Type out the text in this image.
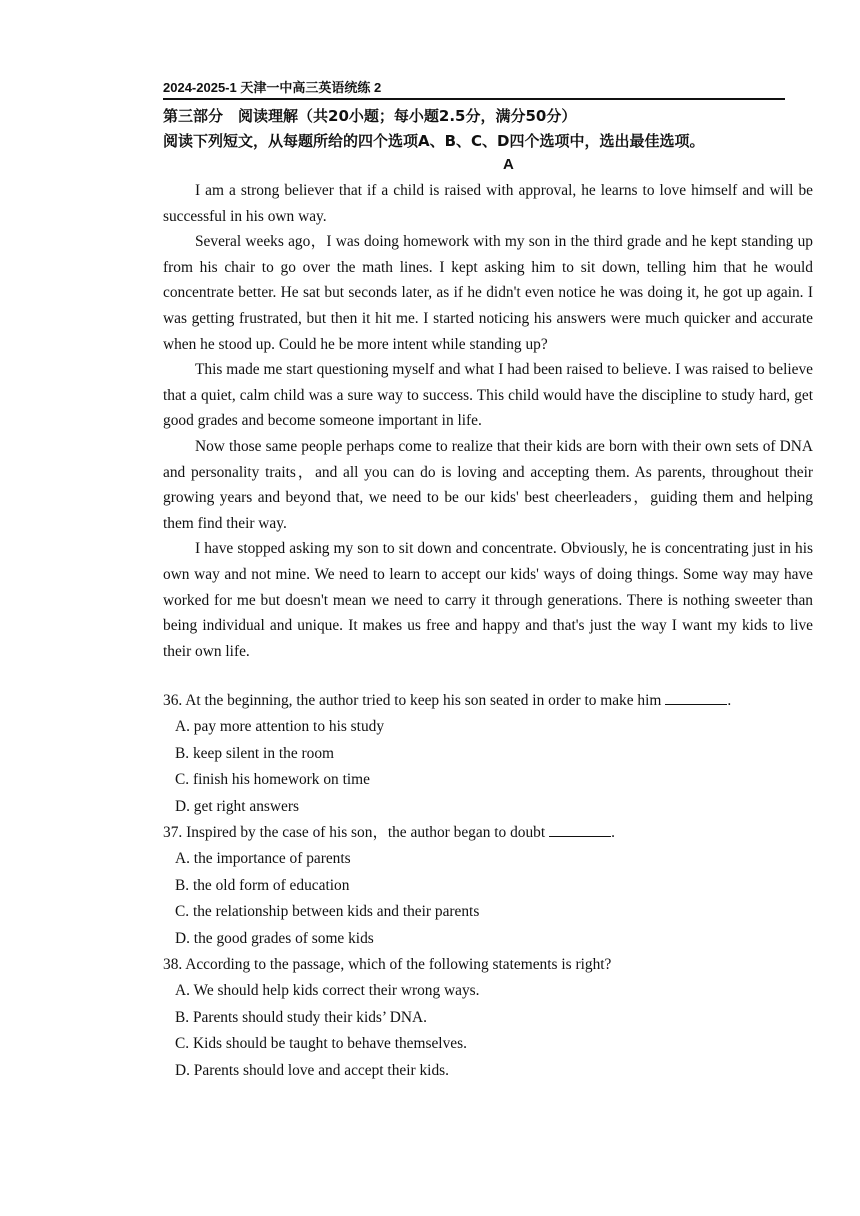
2024-2025-1 天津一中高三英语统练 2
第三部分　阅读理解（共20小题；每小题2.5分，满分50分）
阅读下列短文，从每题所给的四个选项A、B、C、D四个选项中，选出最佳选项。
A

I am a strong believer that if a child is raised with approval, he learns to love himself and will be successful in his own way.

Several weeks ago，I was doing homework with my son in the third grade and he kept standing up from his chair to go over the math lines. I kept asking him to sit down, telling him that he would concentrate better. He sat but seconds later, as if he didn't even notice he was doing it, he got up again. I was getting frustrated, but then it hit me. I started noticing his answers were much quicker and accurate when he stood up. Could he be more intent while standing up?

This made me start questioning myself and what I had been raised to believe. I was raised to believe that a quiet, calm child was a sure way to success. This child would have the discipline to study hard, get good grades and become someone important in life.

Now those same people perhaps come to realize that their kids are born with their own sets of DNA and personality traits，and all you can do is loving and accepting them. As parents, throughout their growing years and beyond that, we need to be our kids' best cheerleaders，guiding them and helping them find their way.

I have stopped asking my son to sit down and concentrate. Obviously, he is concentrating just in his own way and not mine. We need to learn to accept our kids' ways of doing things. Some way may have worked for me but doesn't mean we need to carry it through generations. There is nothing sweeter than being individual and unique. It makes us free and happy and that's just the way I want my kids to live their own life.

36. At the beginning, the author tried to keep his son seated in order to make him	.

A. pay more attention to his study

B. keep silent in the room

C. finish his homework on time

D. get right answers

37. Inspired by the case of his son，the author began to doubt	.

A. the importance of parents

B. the old form of education

C. the relationship between kids and their parents

D. the good grades of some kids

38. According to the passage, which of the following statements is right?

A. We should help kids correct their wrong ways.

B. Parents should study their kids’ DNA.

C. Kids should be taught to behave themselves.

D. Parents should love and accept their kids.
